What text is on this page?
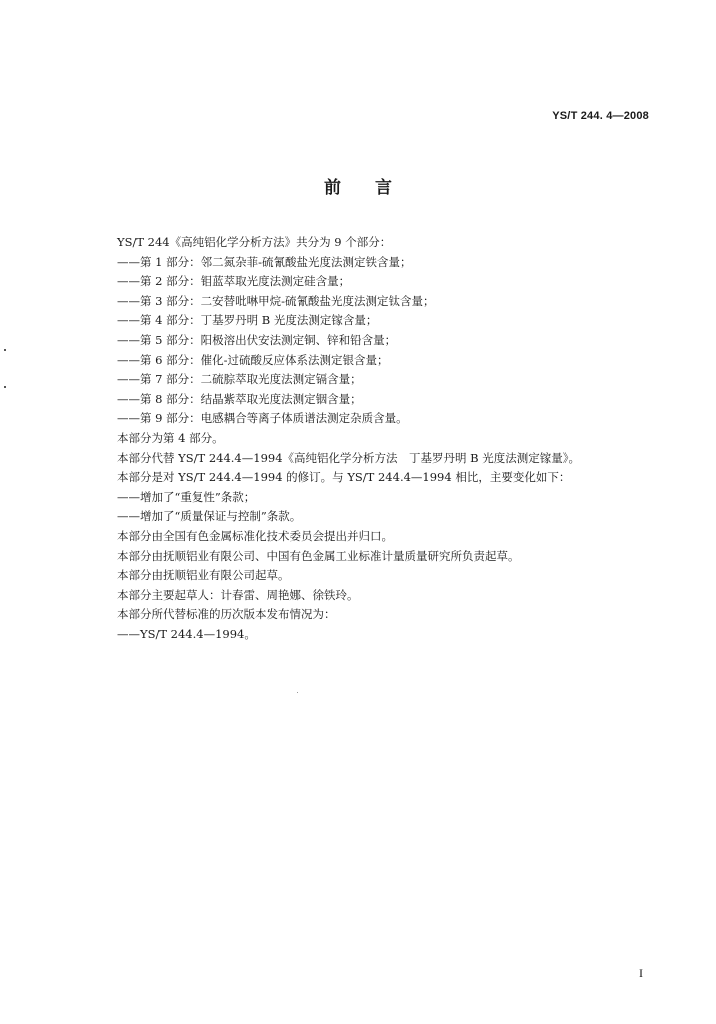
YS/T 244. 4—2008
前 言
YS/T 244《高纯铝化学分析方法》共分为 9 个部分：
——第 1 部分：邻二氮杂菲-硫氰酸盐光度法测定铁含量；
——第 2 部分：钼蓝萃取光度法测定硅含量；
——第 3 部分：二安替吡啉甲烷-硫氰酸盐光度法测定钛含量；
——第 4 部分：丁基罗丹明 B 光度法测定镓含量；
——第 5 部分：阳极溶出伏安法测定铜、锌和铅含量；
——第 6 部分：催化-过硫酸反应体系法测定银含量；
——第 7 部分：二硫腙萃取光度法测定镉含量；
——第 8 部分：结晶紫萃取光度法测定铟含量；
——第 9 部分：电感耦合等离子体质谱法测定杂质含量。
本部分为第 4 部分。
本部分代替 YS/T 244.4—1994《高纯铝化学分析方法　丁基罗丹明 B 光度法测定镓量》。
本部分是对 YS/T 244.4—1994 的修订。与 YS/T 244.4—1994 相比，主要变化如下：
——增加了“重复性”条款；
——增加了“质量保证与控制”条款。
本部分由全国有色金属标准化技术委员会提出并归口。
本部分由抚顺铝业有限公司、中国有色金属工业标准计量质量研究所负责起草。
本部分由抚顺铝业有限公司起草。
本部分主要起草人：计春雷、周艳娜、徐铁玲。
本部分所代替标准的历次版本发布情况为：
——YS/T 244.4—1994。
I
